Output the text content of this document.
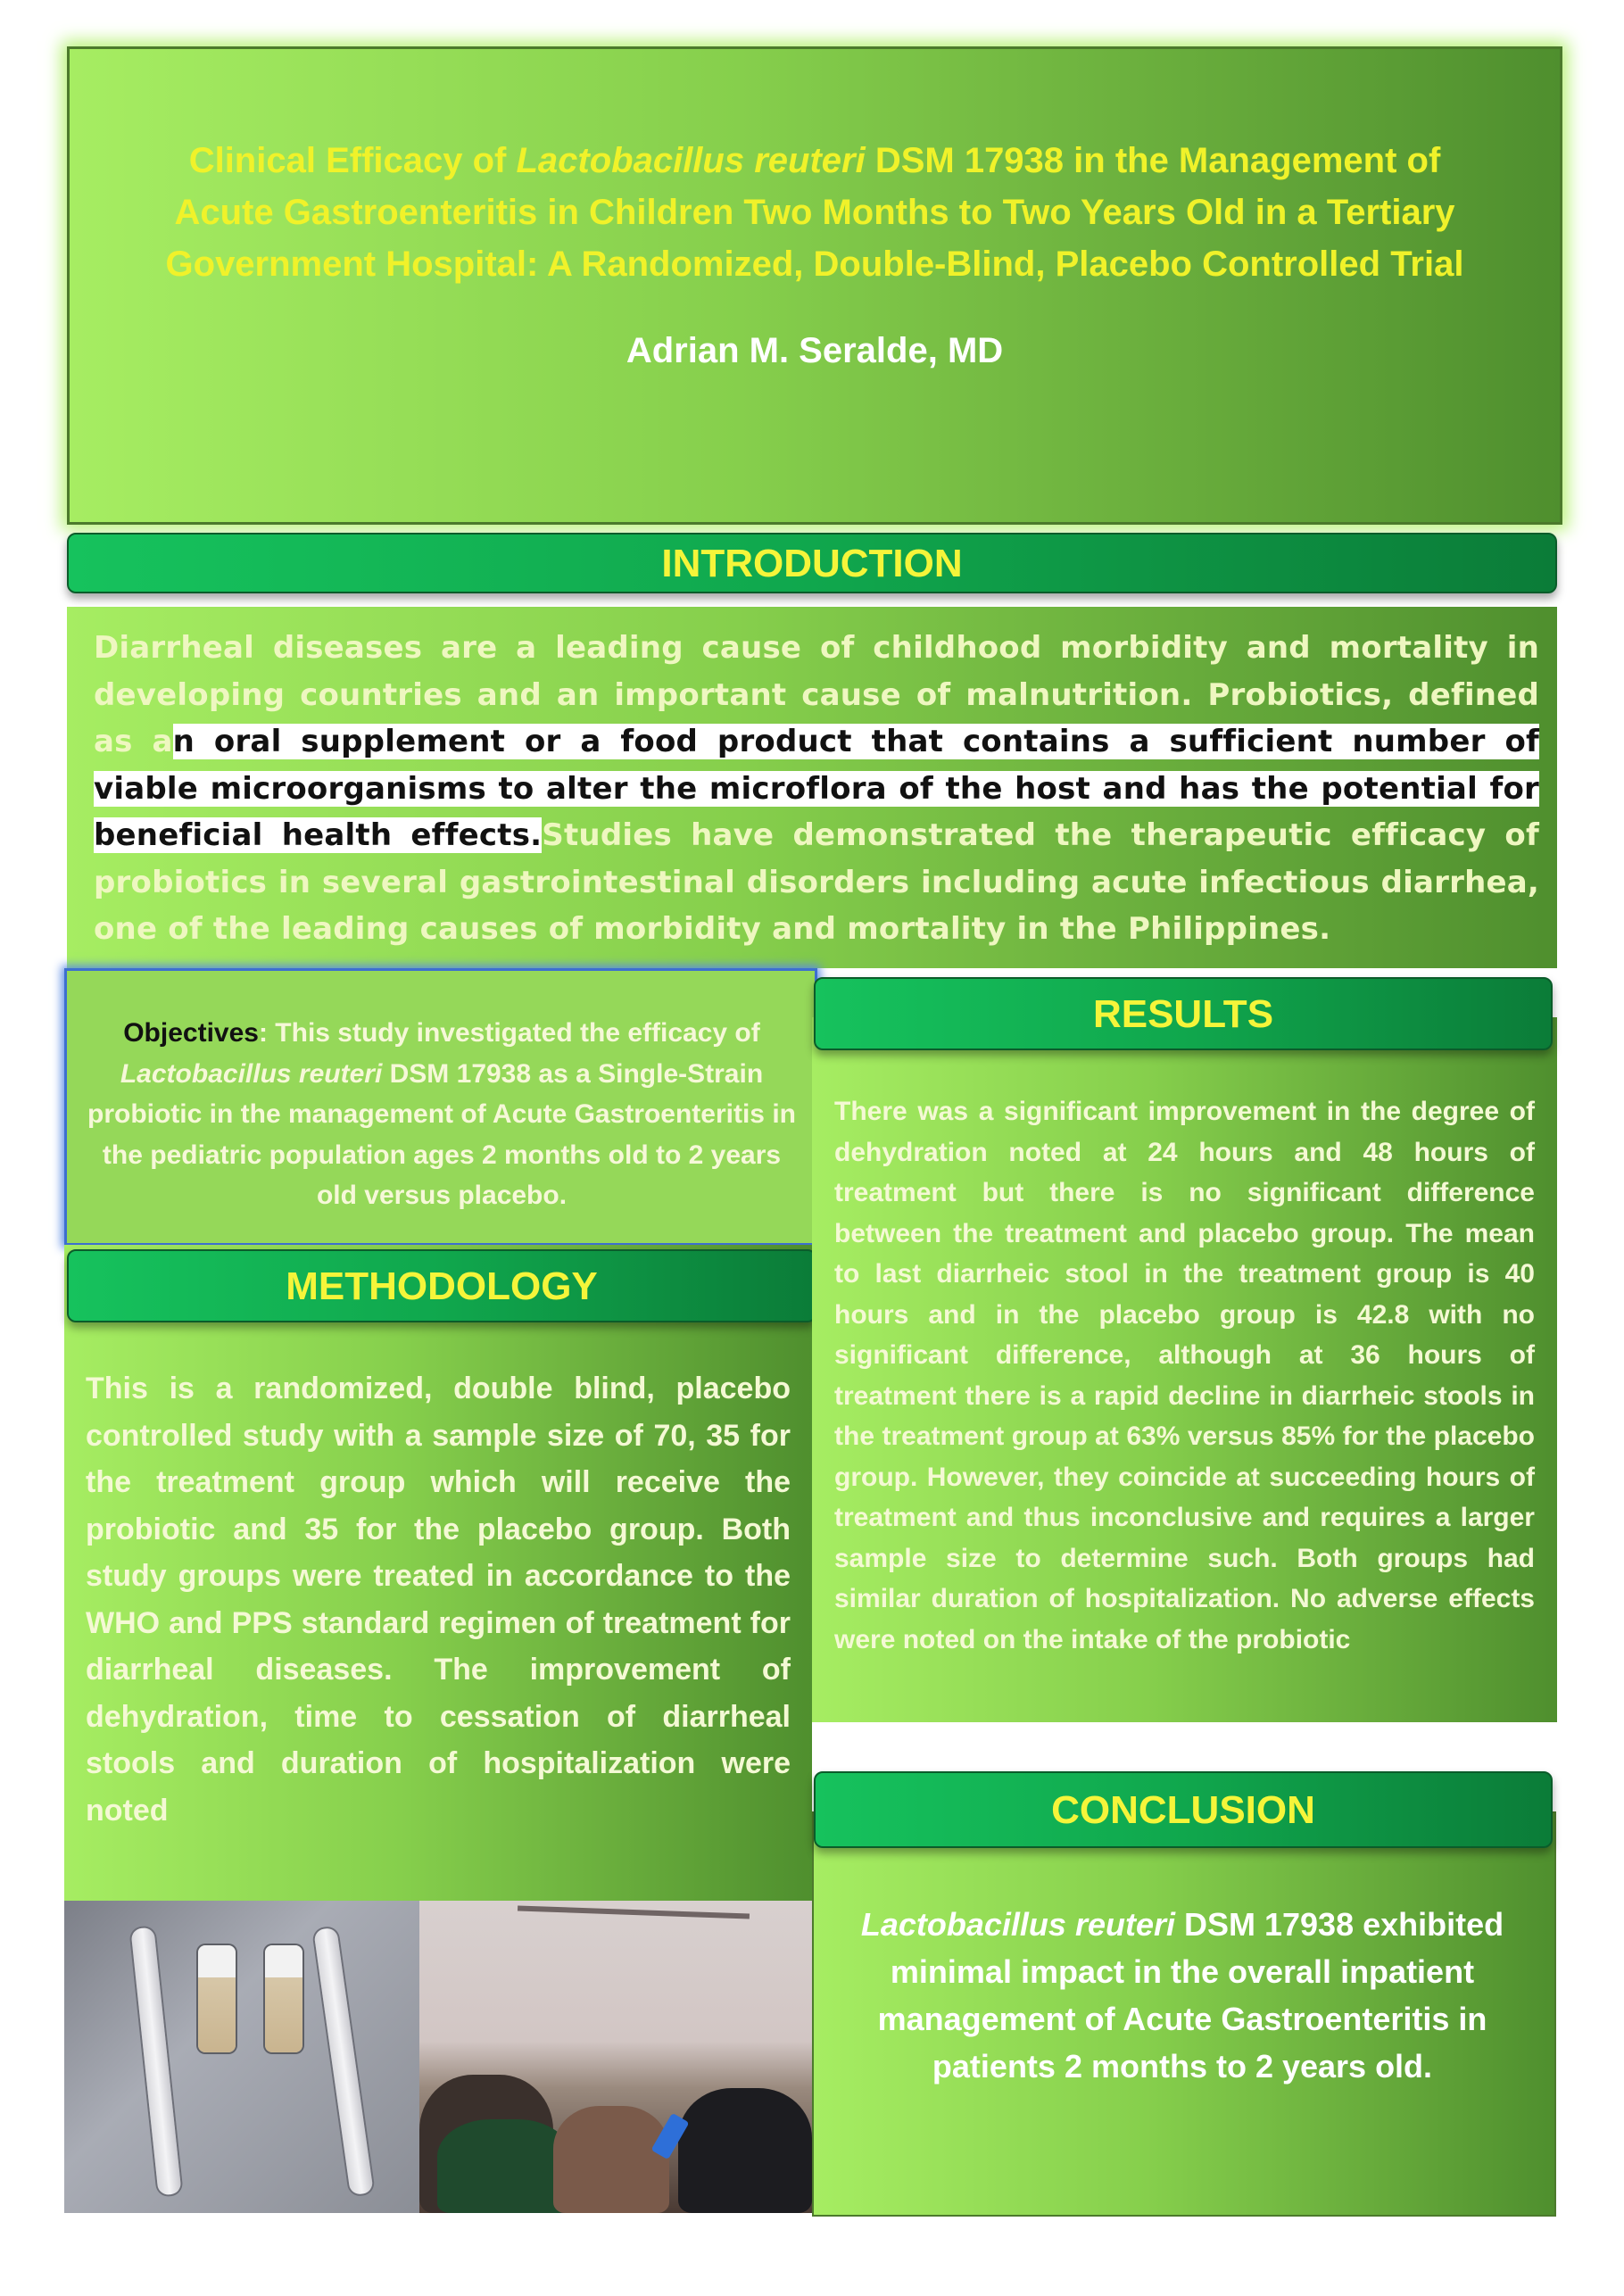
Clinical Efficacy of Lactobacillus reuteri DSM 17938 in the Management of Acute Gastroenteritis in Children Two Months to Two Years Old in a Tertiary Government Hospital: A Randomized, Double-Blind, Placebo Controlled Trial
Adrian M. Seralde, MD
INTRODUCTION
Diarrheal diseases are a leading cause of childhood morbidity and mortality in developing countries and an important cause of malnutrition. Probiotics, defined as an oral supplement or a food product that contains a sufficient number of viable microorganisms to alter the microflora of the host and has the potential for beneficial health effects.Studies have demonstrated the therapeutic efficacy of probiotics in several gastrointestinal disorders including acute infectious diarrhea, one of the leading causes of morbidity and mortality in the Philippines.
Objectives: This study investigated the efficacy of Lactobacillus reuteri DSM 17938 as a Single-Strain probiotic in the management of Acute Gastroenteritis in the pediatric population ages 2 months old to 2 years old versus placebo.
METHODOLOGY
This is a randomized, double blind, placebo controlled study with a sample size of 70, 35 for the treatment group which will receive the probiotic and 35 for the placebo group. Both study groups were treated in accordance to the WHO and PPS standard regimen of treatment for diarrheal diseases. The improvement of dehydration, time to cessation of diarrheal stools and duration of hospitalization were noted
RESULTS
There was a significant improvement in the degree of dehydration noted at 24 hours and 48 hours of treatment but there is no significant difference between the treatment and placebo group. The mean to last diarrheic stool in the treatment group is 40 hours and in the placebo group is 42.8 with no significant difference, although at 36 hours of treatment there is a rapid decline in diarrheic stools in the treatment group at 63% versus 85% for the placebo group. However, they coincide at succeeding hours of treatment and thus inconclusive and requires a larger sample size to determine such. Both groups had similar duration of hospitalization. No adverse effects were noted on the intake of the probiotic
CONCLUSION
Lactobacillus reuteri DSM 17938 exhibited minimal impact in the overall inpatient management of Acute Gastroenteritis in patients 2 months to 2 years old.
